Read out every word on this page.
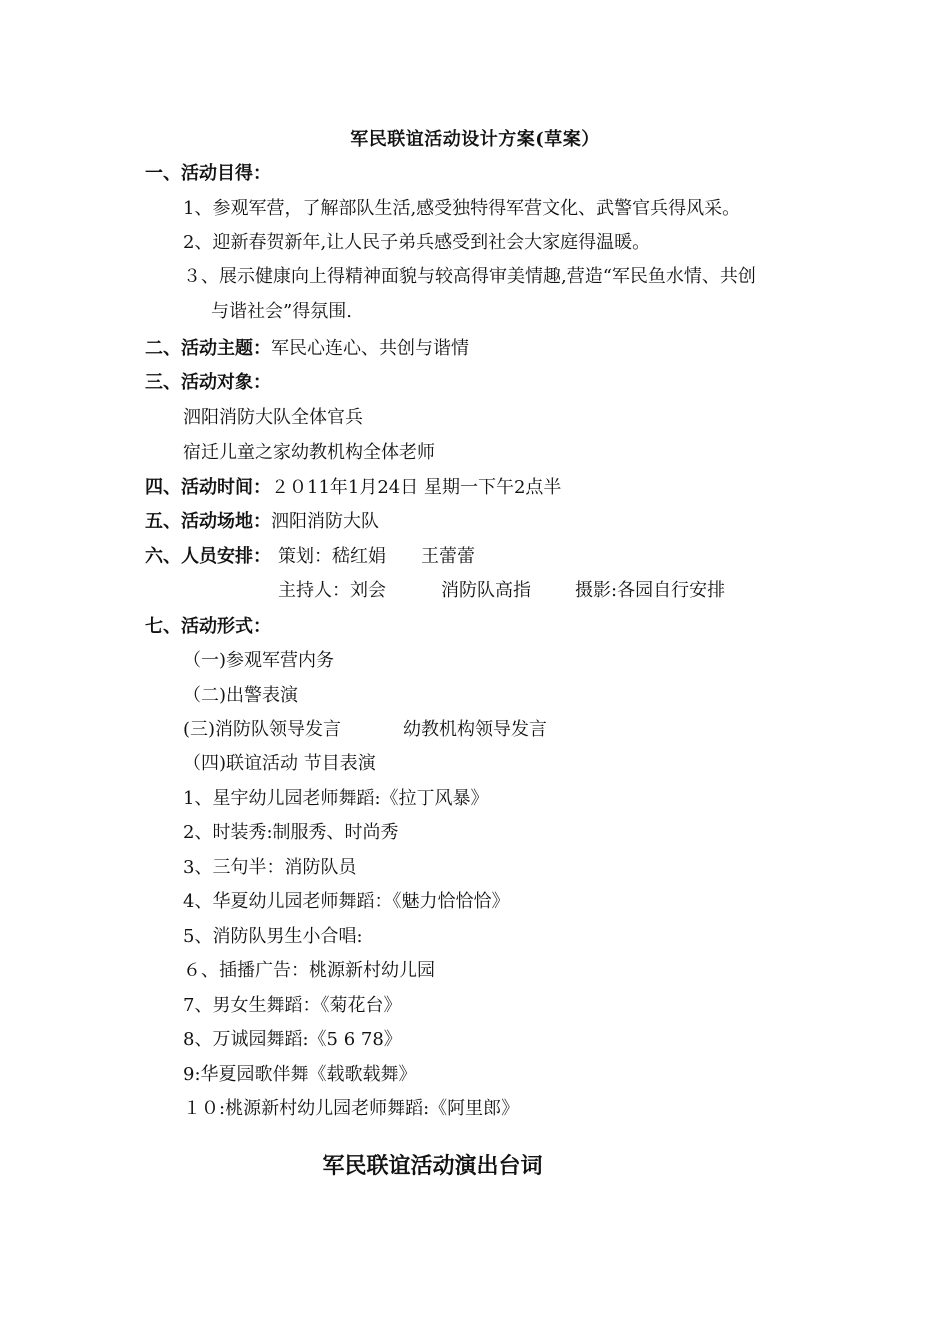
军民联谊活动设计方案(草案）
一、活动目得：
1、参观军营，了解部队生活,感受独特得军营文化、武警官兵得风采。
2、迎新春贺新年,让人民子弟兵感受到社会大家庭得温暖。
３、展示健康向上得精神面貌与较高得审美情趣,营造“军民鱼水情、共创
与谐社会”得氛围.
二、活动主题：军民心连心、共创与谐情
三、活动对象：
泗阳消防大队全体官兵
宿迁儿童之家幼教机构全体老师
四、活动时间：２０11年1月24日 星期一下午2点半
五、活动场地：泗阳消防大队
六、人员安排： 策划：嵇红娟 王蕾蕾
主持人：刘会	消防队高指 摄影:各园自行安排
七、活动形式：
（一)参观军营内务
（二)出警表演
(三)消防队领导发言	幼教机构领导发言
（四)联谊活动 节目表演
1、星宇幼儿园老师舞蹈:《拉丁风暴》
2、时装秀:制服秀、时尚秀
3、三句半：消防队员
4、华夏幼儿园老师舞蹈：《魅力恰恰恰》
5、消防队男生小合唱:
６、插播广告：桃源新村幼儿园
7、男女生舞蹈：《菊花台》
8、万诚园舞蹈:《5 6 78》
9:华夏园歌伴舞《载歌载舞》
１０:桃源新村幼儿园老师舞蹈:《阿里郎》
军民联谊活动演出台词
